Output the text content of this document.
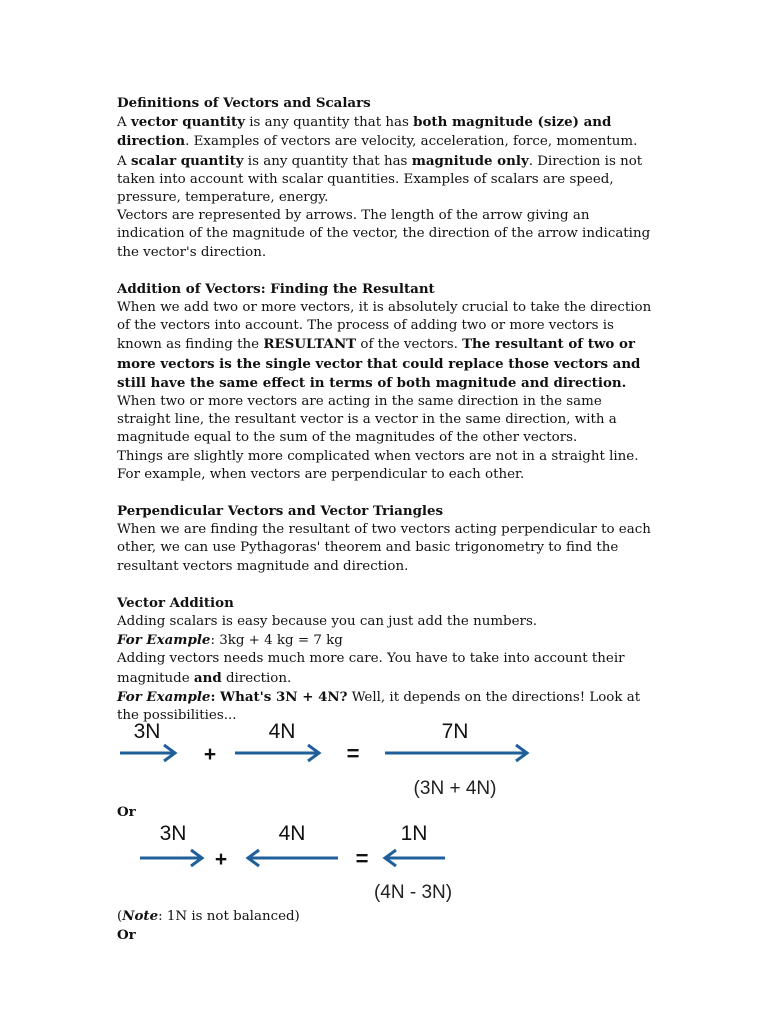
Definitions of Vectors and Scalars

A vector quantity is any quantity that has both magnitude (size) and direction. Examples of vectors are velocity, acceleration, force, momentum.

A scalar quantity is any quantity that has magnitude only. Direction is not taken into account with scalar quantities. Examples of scalars are speed, pressure, temperature, energy.

Vectors are represented by arrows. The length of the arrow giving an indication of the magnitude of the vector, the direction of the arrow indicating the vector's direction.

Addition of Vectors: Finding the Resultant

When we add two or more vectors, it is absolutely crucial to take the direction of the vectors into account. The process of adding two or more vectors is known as finding the RESULTANT of the vectors. The resultant of two or more vectors is the single vector that could replace those vectors and still have the same effect in terms of both magnitude and direction.

When two or more vectors are acting in the same direction in the same straight line, the resultant vector is a vector in the same direction, with a magnitude equal to the sum of the magnitudes of the other vectors.

Things are slightly more complicated when vectors are not in a straight line. For example, when vectors are perpendicular to each other.

Perpendicular Vectors and Vector Triangles

When we are finding the resultant of two vectors acting perpendicular to each other, we can use Pythagoras' theorem and basic trigonometry to find the resultant vectors magnitude and direction.

Vector Addition

Adding scalars is easy because you can just add the numbers.

For Example: 3kg + 4 kg = 7 kg

Adding vectors needs much more care. You have to take into account their magnitude and direction.

For Example: What's 3N + 4N? Well, it depends on the directions! Look at the possibilities...

3N
+
4N
=
7N
(3N + 4N)
Or
3N
+
4N
=
1N
(4N - 3N)
(Note: 1N is not balanced)
Or
